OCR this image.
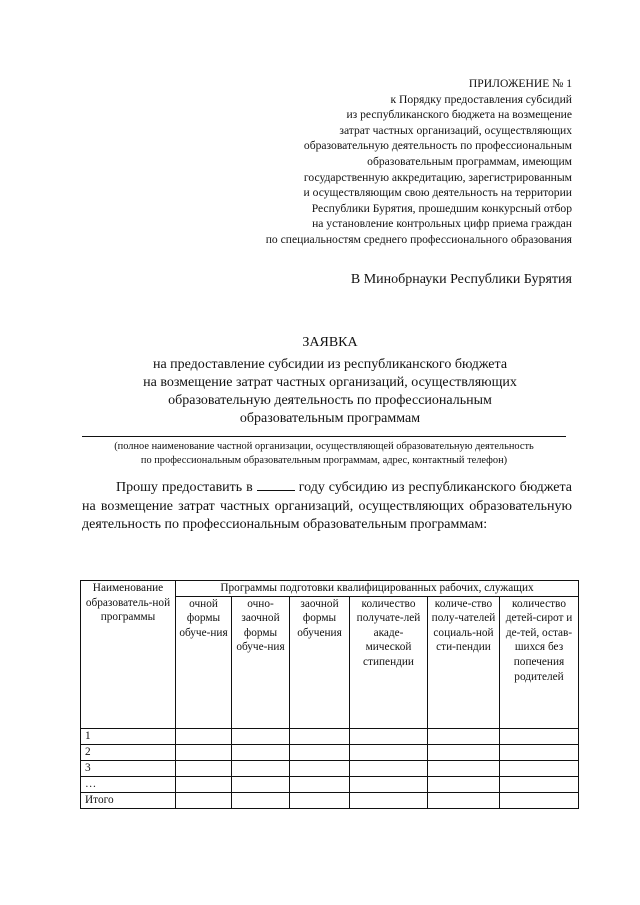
ПРИЛОЖЕНИЕ № 1
к Порядку предоставления субсидий
из республиканского бюджета на возмещение
затрат частных организаций, осуществляющих
образовательную деятельность по профессиональным
образовательным программам, имеющим
государственную аккредитацию, зарегистрированным
и осуществляющим свою деятельность на территории
Республики Бурятия, прошедшим конкурсный отбор
на установление контрольных цифр приема граждан
по специальностям среднего профессионального образования
В Минобрнауки Республики Бурятия
ЗАЯВКА
на предоставление субсидии из республиканского бюджета
на возмещение затрат частных организаций, осуществляющих
образовательную деятельность по профессиональным
образовательным программам
(полное наименование частной организации, осуществляющей образовательную деятельность
по профессиональным образовательным программам, адрес, контактный телефон)
Прошу предоставить в	году субсидию из республиканского бюджета на возмещение затрат частных организаций, осуществляющих образовательную деятельность по профессиональным образовательным программам:
Наименование образователь-ной программы	Программы подготовки квалифицированных рабочих, служащих					
	очной формы обуче-ния	очно-заочной формы обуче-ния	заочной формы обучения	количество получате-лей акаде-мической стипендии	количе-ство полу-чателей социаль-ной сти-пендии	количество детей-сирот и де-тей, остав-шихся без попечения родителей
1						
2						
3						
…						
Итого						
